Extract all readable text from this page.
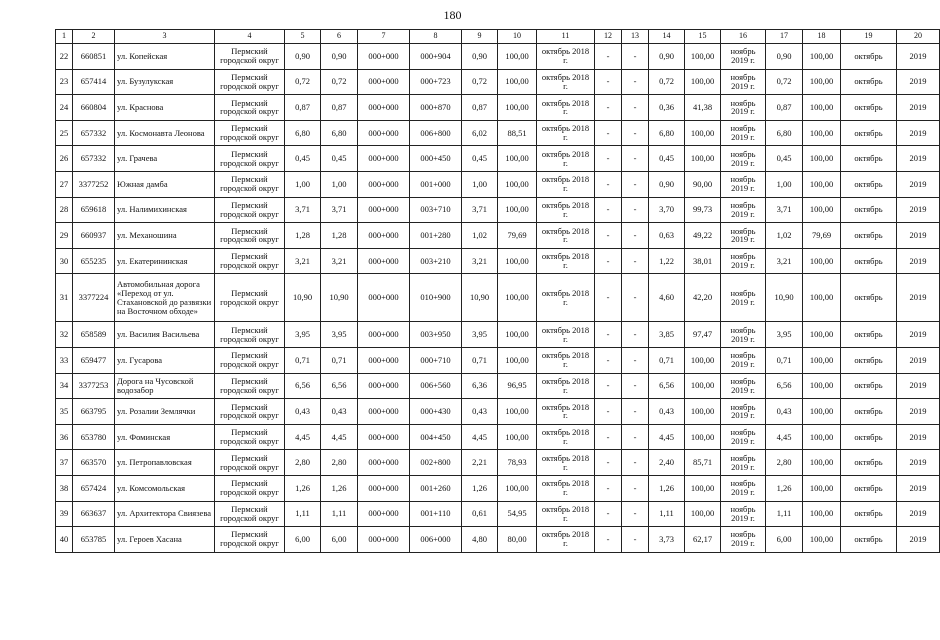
180
1	2	3	4	5	6	7	8	9	10	11	12	13	14	15	16	17	18	19	20
22	660851	ул. Копейская	Пермский городской округ	0,90	0,90	000+000	000+904	0,90	100,00	октябрь 2018 г.	-	-	0,90	100,00	ноябрь 2019 г.	0,90	100,00	октябрь	2019
23	657414	ул. Бузулукская	Пермский городской округ	0,72	0,72	000+000	000+723	0,72	100,00	октябрь 2018 г.	-	-	0,72	100,00	ноябрь 2019 г.	0,72	100,00	октябрь	2019
24	660804	ул. Краснова	Пермский городской округ	0,87	0,87	000+000	000+870	0,87	100,00	октябрь 2018 г.	-	-	0,36	41,38	ноябрь 2019 г.	0,87	100,00	октябрь	2019
25	657332	ул. Космонавта Леонова	Пермский городской округ	6,80	6,80	000+000	006+800	6,02	88,51	октябрь 2018 г.	-	-	6,80	100,00	ноябрь 2019 г.	6,80	100,00	октябрь	2019
26	657332	ул. Грачева	Пермский городской округ	0,45	0,45	000+000	000+450	0,45	100,00	октябрь 2018 г.	-	-	0,45	100,00	ноябрь 2019 г.	0,45	100,00	октябрь	2019
27	3377252	Южная дамба	Пермский городской округ	1,00	1,00	000+000	001+000	1,00	100,00	октябрь 2018 г.	-	-	0,90	90,00	ноябрь 2019 г.	1,00	100,00	октябрь	2019
28	659618	ул. Налимихинская	Пермский городской округ	3,71	3,71	000+000	003+710	3,71	100,00	октябрь 2018 г.	-	-	3,70	99,73	ноябрь 2019 г.	3,71	100,00	октябрь	2019
29	660937	ул. Механошина	Пермский городской округ	1,28	1,28	000+000	001+280	1,02	79,69	октябрь 2018 г.	-	-	0,63	49,22	ноябрь 2019 г.	1,02	79,69	октябрь	2019
30	655235	ул. Екатерининская	Пермский городской округ	3,21	3,21	000+000	003+210	3,21	100,00	октябрь 2018 г.	-	-	1,22	38,01	ноябрь 2019 г.	3,21	100,00	октябрь	2019
31	3377224	Автомобильная дорога «Переход от ул. Стахановской до развязки на Восточном обходе»	Пермский городской округ	10,90	10,90	000+000	010+900	10,90	100,00	октябрь 2018 г.	-	-	4,60	42,20	ноябрь 2019 г.	10,90	100,00	октябрь	2019
32	658589	ул. Василия Васильева	Пермский городской округ	3,95	3,95	000+000	003+950	3,95	100,00	октябрь 2018 г.	-	-	3,85	97,47	ноябрь 2019 г.	3,95	100,00	октябрь	2019
33	659477	ул. Гусарова	Пермский городской округ	0,71	0,71	000+000	000+710	0,71	100,00	октябрь 2018 г.	-	-	0,71	100,00	ноябрь 2019 г.	0,71	100,00	октябрь	2019
34	3377253	Дорога на Чусовской водозабор	Пермский городской округ	6,56	6,56	000+000	006+560	6,36	96,95	октябрь 2018 г.	-	-	6,56	100,00	ноябрь 2019 г.	6,56	100,00	октябрь	2019
35	663795	ул. Розалии Землячки	Пермский городской округ	0,43	0,43	000+000	000+430	0,43	100,00	октябрь 2018 г.	-	-	0,43	100,00	ноябрь 2019 г.	0,43	100,00	октябрь	2019
36	653780	ул. Фоминская	Пермский городской округ	4,45	4,45	000+000	004+450	4,45	100,00	октябрь 2018 г.	-	-	4,45	100,00	ноябрь 2019 г.	4,45	100,00	октябрь	2019
37	663570	ул. Петропавловская	Пермский городской округ	2,80	2,80	000+000	002+800	2,21	78,93	октябрь 2018 г.	-	-	2,40	85,71	ноябрь 2019 г.	2,80	100,00	октябрь	2019
38	657424	ул. Комсомольская	Пермский городской округ	1,26	1,26	000+000	001+260	1,26	100,00	октябрь 2018 г.	-	-	1,26	100,00	ноябрь 2019 г.	1,26	100,00	октябрь	2019
39	663637	ул. Архитектора Свиязева	Пермский городской округ	1,11	1,11	000+000	001+110	0,61	54,95	октябрь 2018 г.	-	-	1,11	100,00	ноябрь 2019 г.	1,11	100,00	октябрь	2019
40	653785	ул. Героев Хасана	Пермский городской округ	6,00	6,00	000+000	006+000	4,80	80,00	октябрь 2018 г.	-	-	3,73	62,17	ноябрь 2019 г.	6,00	100,00	октябрь	2019
